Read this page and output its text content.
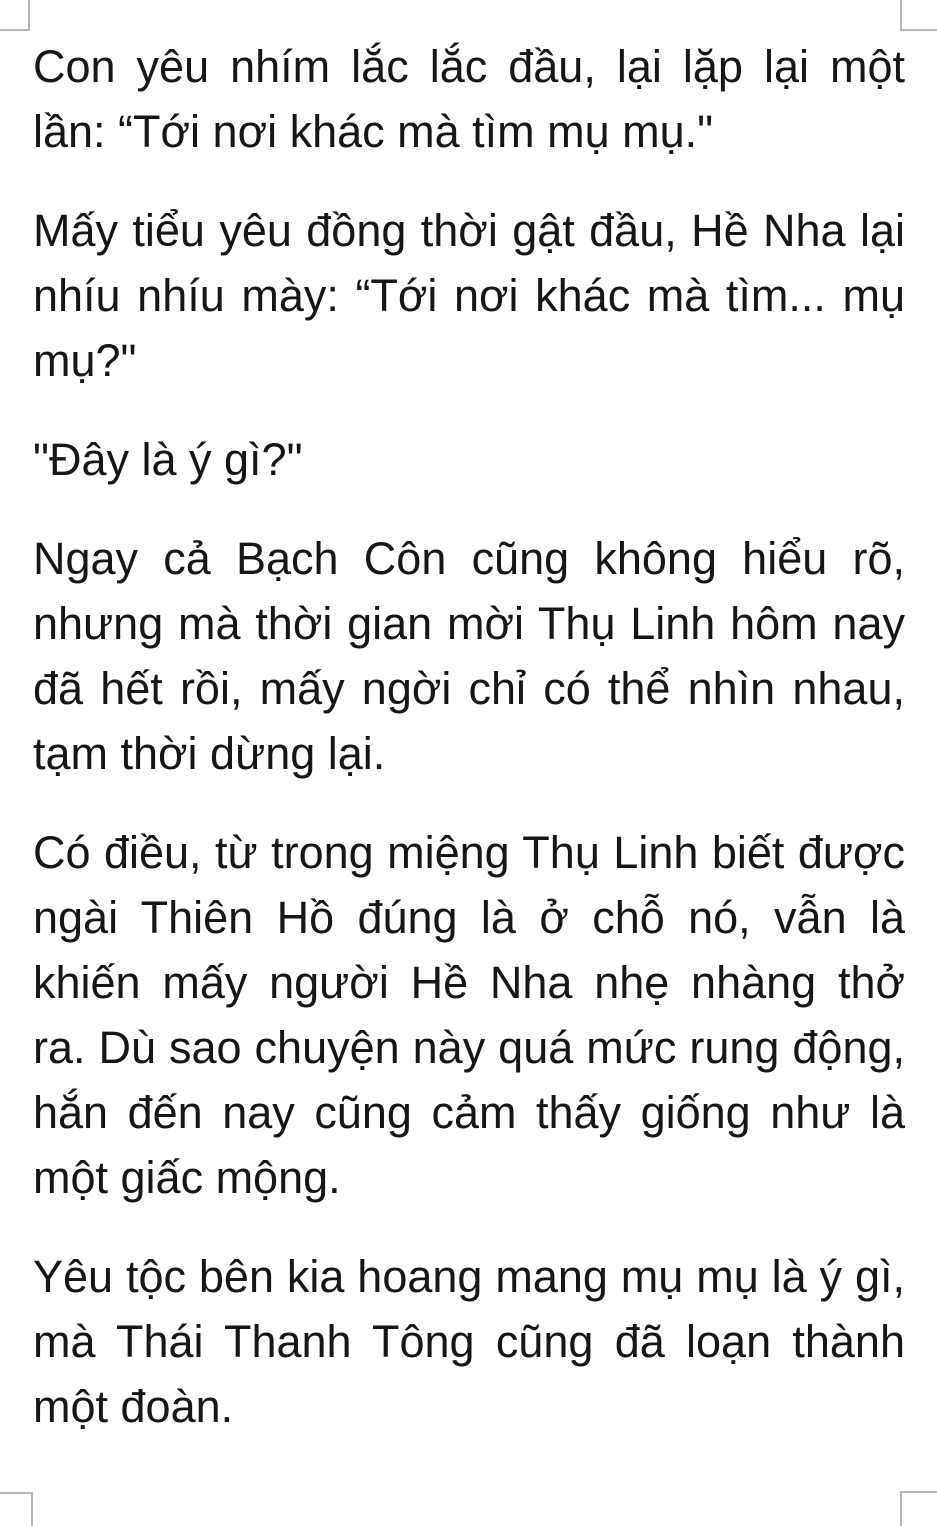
Con yêu nhím lắc lắc đầu, lại lặp lại một lần: “Tới nơi khác mà tìm mụ mụ."

Mấy tiểu yêu đồng thời gật đầu, Hề Nha lại nhíu nhíu mày: “Tới nơi khác mà tìm... mụ mụ?"

"Đây là ý gì?"

Ngay cả Bạch Côn cũng không hiểu rõ, nhưng mà thời gian mời Thụ Linh hôm nay đã hết rồi, mấy ngời chỉ có thể nhìn nhau, tạm thời dừng lại.

Có điều, từ trong miệng Thụ Linh biết được ngài Thiên Hồ đúng là ở chỗ nó, vẫn là khiến mấy người Hề Nha nhẹ nhàng thở ra. Dù sao chuyện này quá mức rung động, hắn đến nay cũng cảm thấy giống như là một giấc mộng.

Yêu tộc bên kia hoang mang mụ mụ là ý gì, mà Thái Thanh Tông cũng đã loạn thành một đoàn.
